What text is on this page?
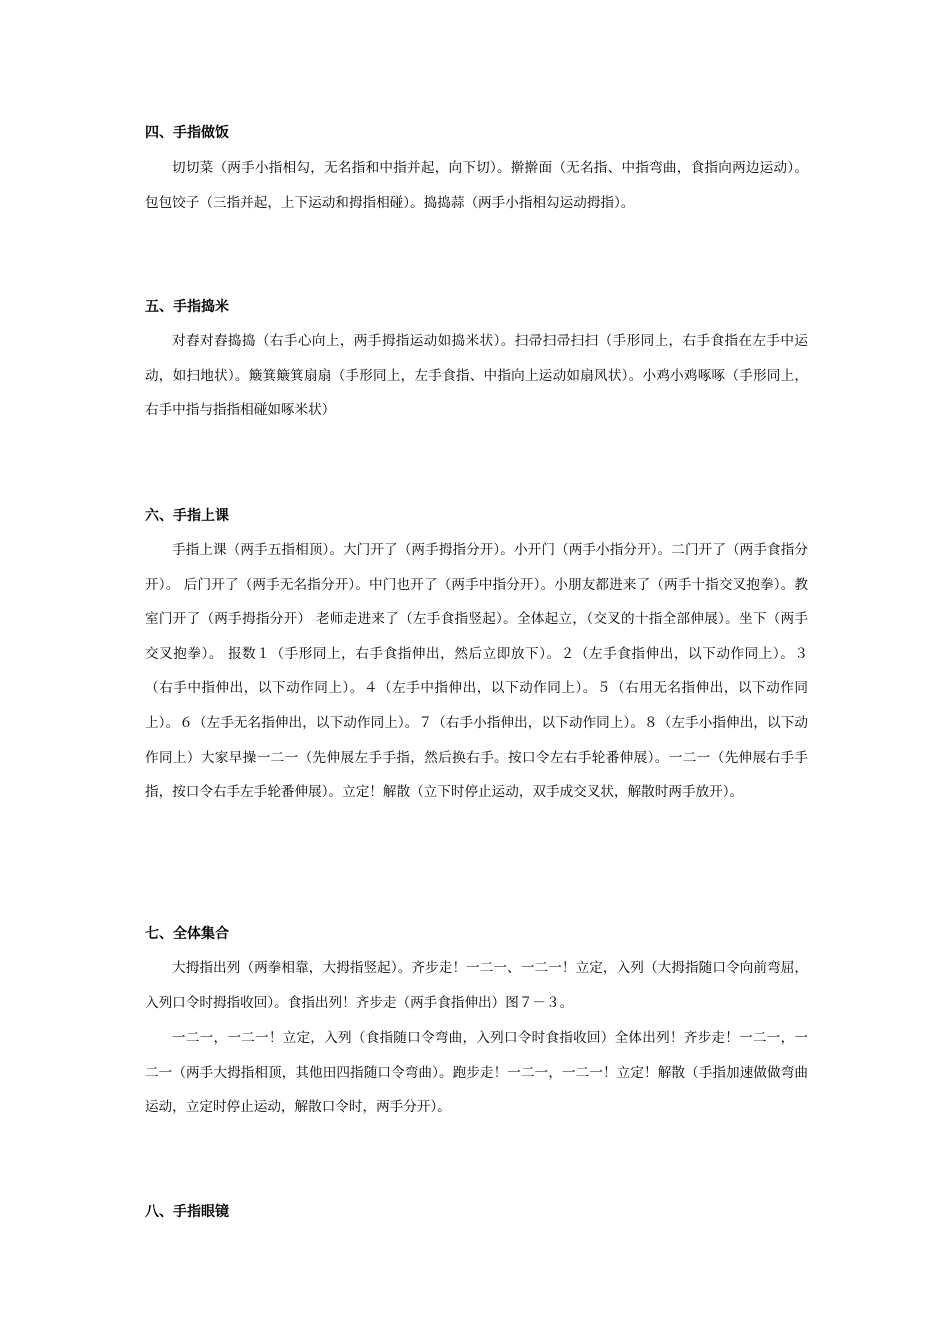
四、手指做饭

切切菜（两手小指相勾，无名指和中指并起，向下切）。擀擀面（无名指、中指弯曲，食指向两边运动）。包包饺子（三指并起，上下运动和拇指相碰）。捣捣蒜（两手小指相勾运动拇指）。

五、手指捣米

对舂对舂捣捣（右手心向上，两手拇指运动如捣米状）。扫帚扫帚扫扫（手形同上，右手食指在左手中运动，如扫地状）。簸箕簸箕扇扇（手形同上，左手食指、中指向上运动如扇风状）。小鸡小鸡啄啄（手形同上，右手中指与指指相碰如啄米状）

六、手指上课

手指上课（两手五指相顶）。大门开了（两手拇指分开）。小开门（两手小指分开）。二门开了（两手食指分开）。 后门开了（两手无名指分开）。中门也开了（两手中指分开）。小朋友都进来了（两手十指交叉抱拳）。教室门开了（两手拇指分开） 老师走进来了（左手食指竖起）。全体起立，（交叉的十指全部伸展）。坐下（两手交叉抱拳）。 报数１（手形同上，右手食指伸出，然后立即放下）。２（左手食指伸出，以下动作同上）。３（右手中指伸出，以下动作同上）。４（左手中指伸出，以下动作同上）。５（右用无名指伸出，以下动作同上）。６（左手无名指伸出，以下动作同上）。７（右手小指伸出，以下动作同上）。８（左手小指伸出，以下动作同上）大家早操一二一（先伸展左手手指，然后换右手。按口令左右手轮番伸展）。一二一（先伸展右手手指，按口令右手左手轮番伸展）。立定！解散（立下时停止运动，双手成交叉状，解散时两手放开）。

七、全体集合

大拇指出列（两拳相靠，大拇指竖起）。齐步走！一二一、一二一！立定，入列（大拇指随口令向前弯屈，入列口令时拇指收回）。食指出列！齐步走（两手食指伸出）图７－３。

一二一，一二一！立定，入列（食指随口令弯曲，入列口令时食指收回）全体出列！齐步走！一二一，一二一（两手大拇指相顶，其他田四指随口令弯曲）。跑步走！一二一，一二一！立定！解散（手指加速做做弯曲运动，立定时停止运动，解散口令时，两手分开）。

八、手指眼镜
